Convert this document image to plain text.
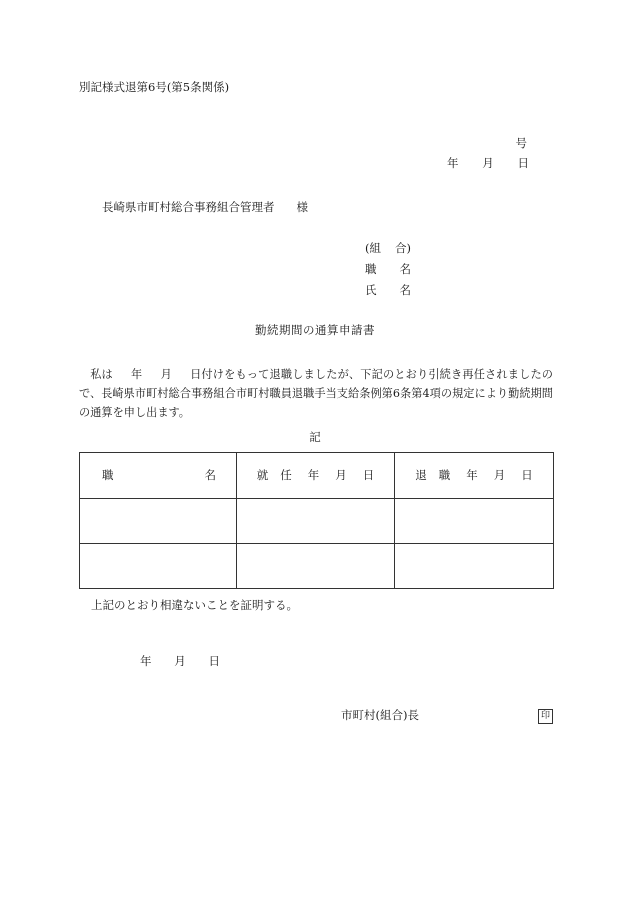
別記様式退第6号(第5条関係)
号
年 月 日
長崎県市町村総合事務組合管理者 様
(組 合)
職 名
氏 名
勤続期間の通算申請書
私は 年 月 日付けをもって退職しましたが、下記のとおり引続き再任されましたので、長崎県市町村総合事務組合市町村職員退職手当支給条例第6条第4項の規定により勤続期間の通算を申し出ます。
記
職 名	就 任 年 月 日	退 職 年 月 日

上記のとおり相違ないことを証明する。
年 月 日
市町村(組合)長	印
